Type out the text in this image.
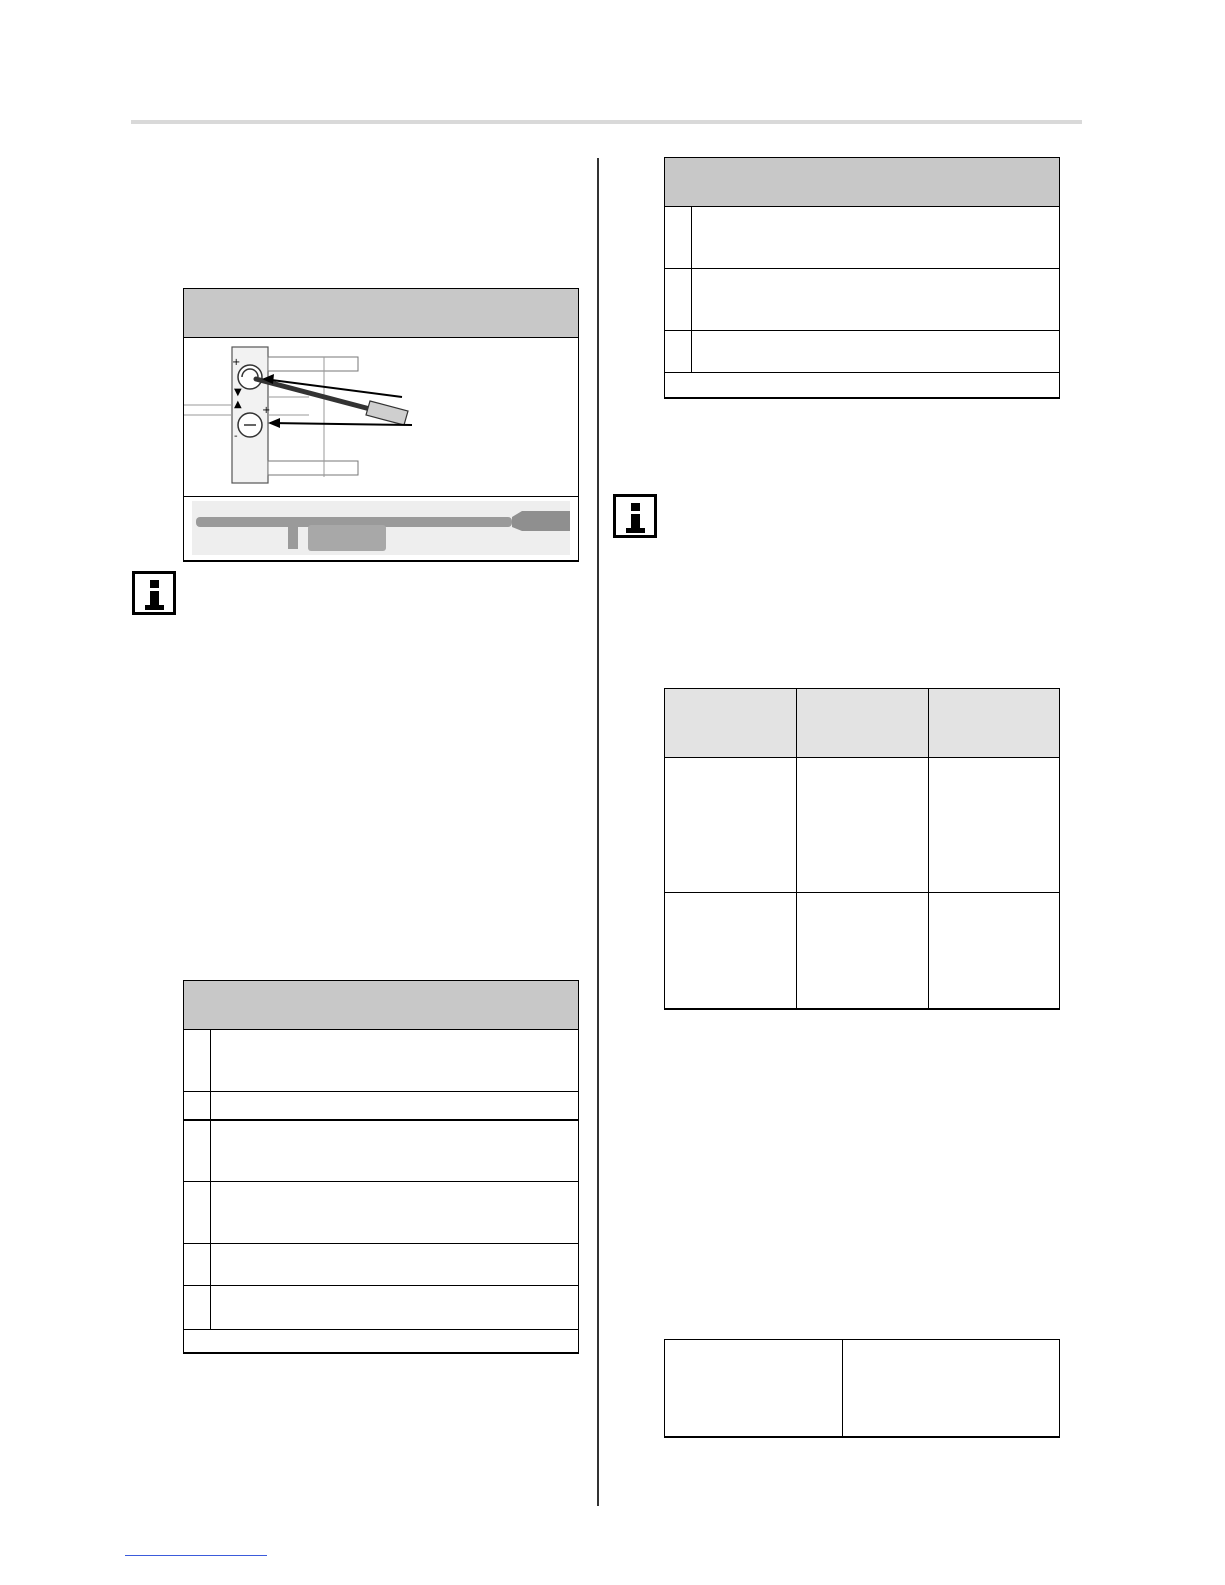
+
▼
▲
+
-
